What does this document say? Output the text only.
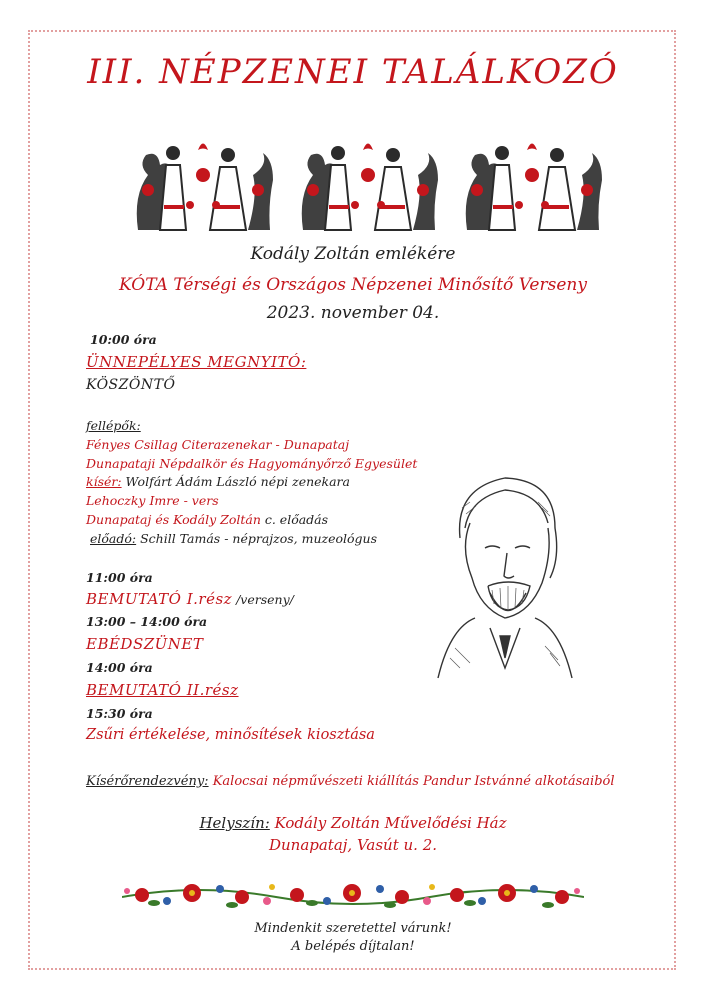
III. NÉPZENEI TALÁLKOZÓ
Kodály Zoltán emlékére
KÓTA Térségi és Országos Népzenei Minősítő Verseny
2023. november 04.
10:00 óra
ÜNNEPÉLYES MEGNYITÓ:
KÖSZÖNTŐ
fellépők:
Fényes Csillag Citerazenekar - Dunapataj
Dunapataji Népdalkör és Hagyományőrző Egyesület
kísér: Wolfárt Ádám László népi zenekara
Lehoczky Imre - vers
Dunapataj és Kodály Zoltán c. előadás
előadó: Schill Tamás - néprajzos, muzeológus
11:00 óra
BEMUTATÓ I.rész /verseny/
13:00 – 14:00 óra
EBÉDSZÜNET
14:00 óra
BEMUTATÓ II.rész
15:30 óra
Zsűri értékelése, minősítések kiosztása
Kísérőrendezvény: Kalocsai népművészeti kiállítás Pandur Istvánné alkotásaiból
Helyszín: Kodály Zoltán Művelődési Ház
Dunapataj, Vasút u. 2.
Mindenkit szeretettel várunk!
A belépés díjtalan!
